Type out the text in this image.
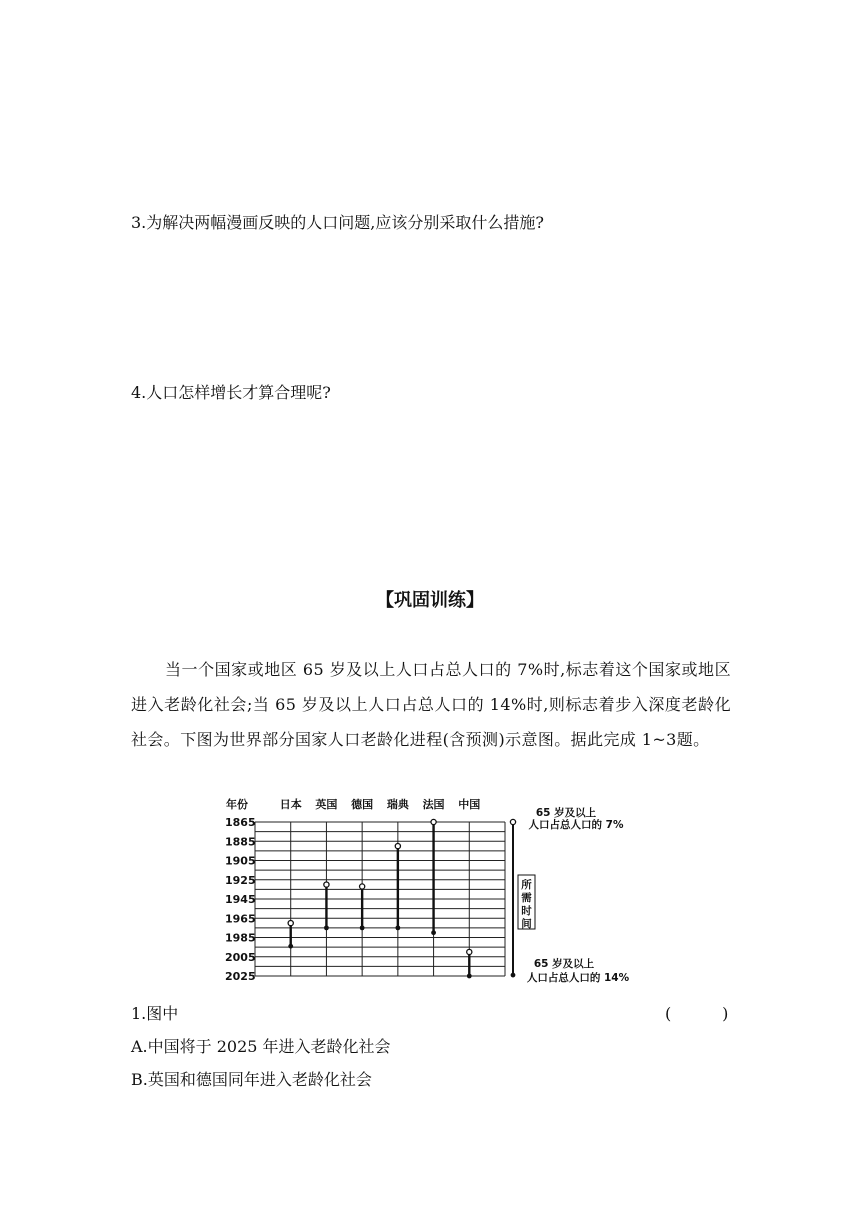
3.为解决两幅漫画反映的人口问题,应该分别采取什么措施?
4.人口怎样增长才算合理呢?
【巩固训练】
当一个国家或地区 65 岁及以上人口占总人口的 7%时,标志着这个国家或地区进入老龄化社会;当 65 岁及以上人口占总人口的 14%时,则标志着步入深度老龄化社会。下图为世界部分国家人口老龄化进程(含预测)示意图。据此完成 1~3题。
年份
1865
1885
1905
1925
1945
1965
1985
2005
2025
日本 英国 德国 瑞典 法国 中国
65 岁及以上
人口占总人口的 7%
所
需
时
间
65 岁及以上
人口占总人口的 14%
1.图中	(          )
A.中国将于 2025 年进入老龄化社会
B.英国和德国同年进入老龄化社会
